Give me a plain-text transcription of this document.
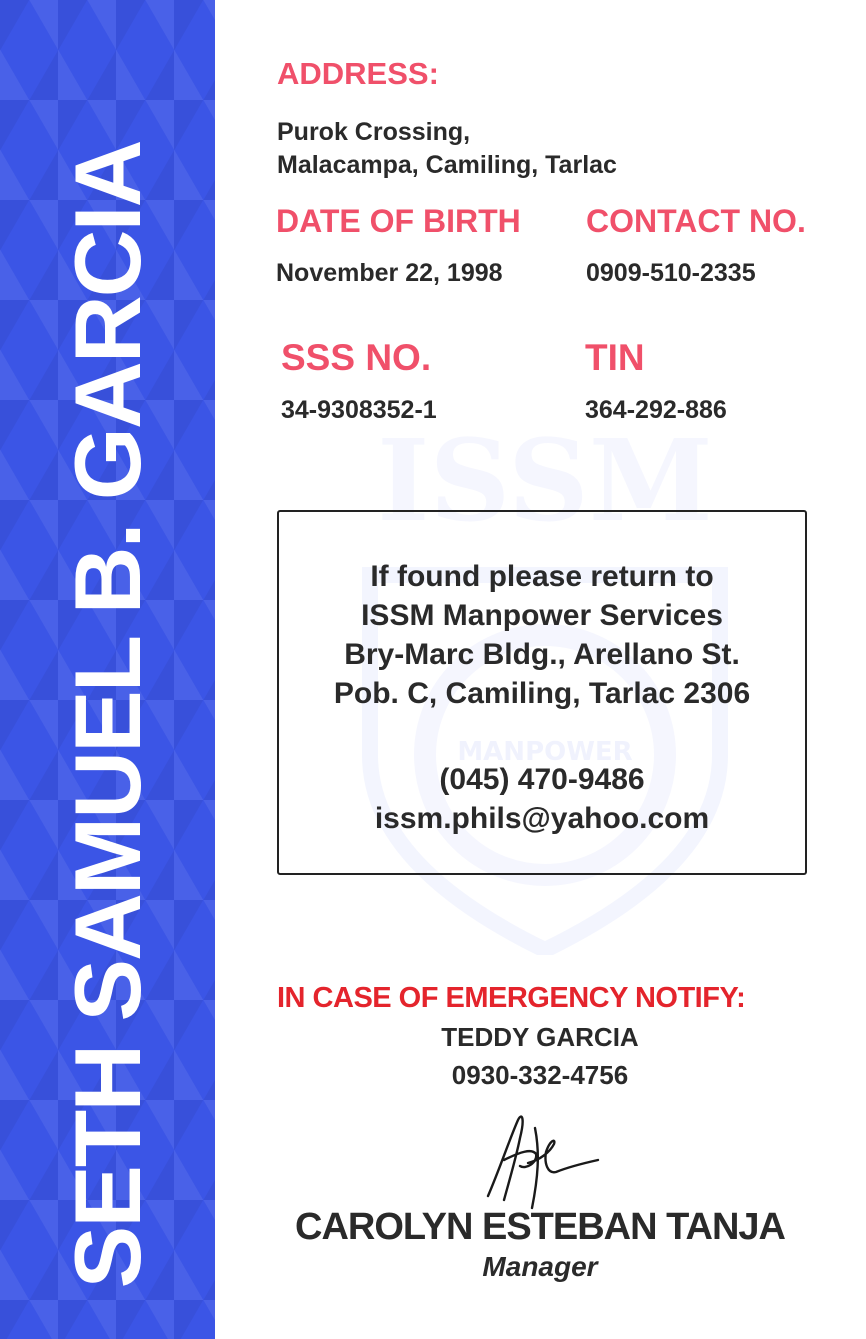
SETH SAMUEL B. GARCIA ISSM
MANPOWER
ADDRESS:
Purok Crossing,
Malacampa, Camiling, Tarlac
DATE OF BIRTH
November 22, 1998
CONTACT NO.
0909-510-2335
SSS NO.
34-9308352-1
TIN
364-292-886
If found please return to
ISSM Manpower Services
Bry-Marc Bldg., Arellano St.
Pob. C, Camiling, Tarlac 2306
(045) 470-9486
issm.phils@yahoo.com
IN CASE OF EMERGENCY NOTIFY:
TEDDY GARCIA
0930-332-4756
CAROLYN ESTEBAN TANJA
Manager
